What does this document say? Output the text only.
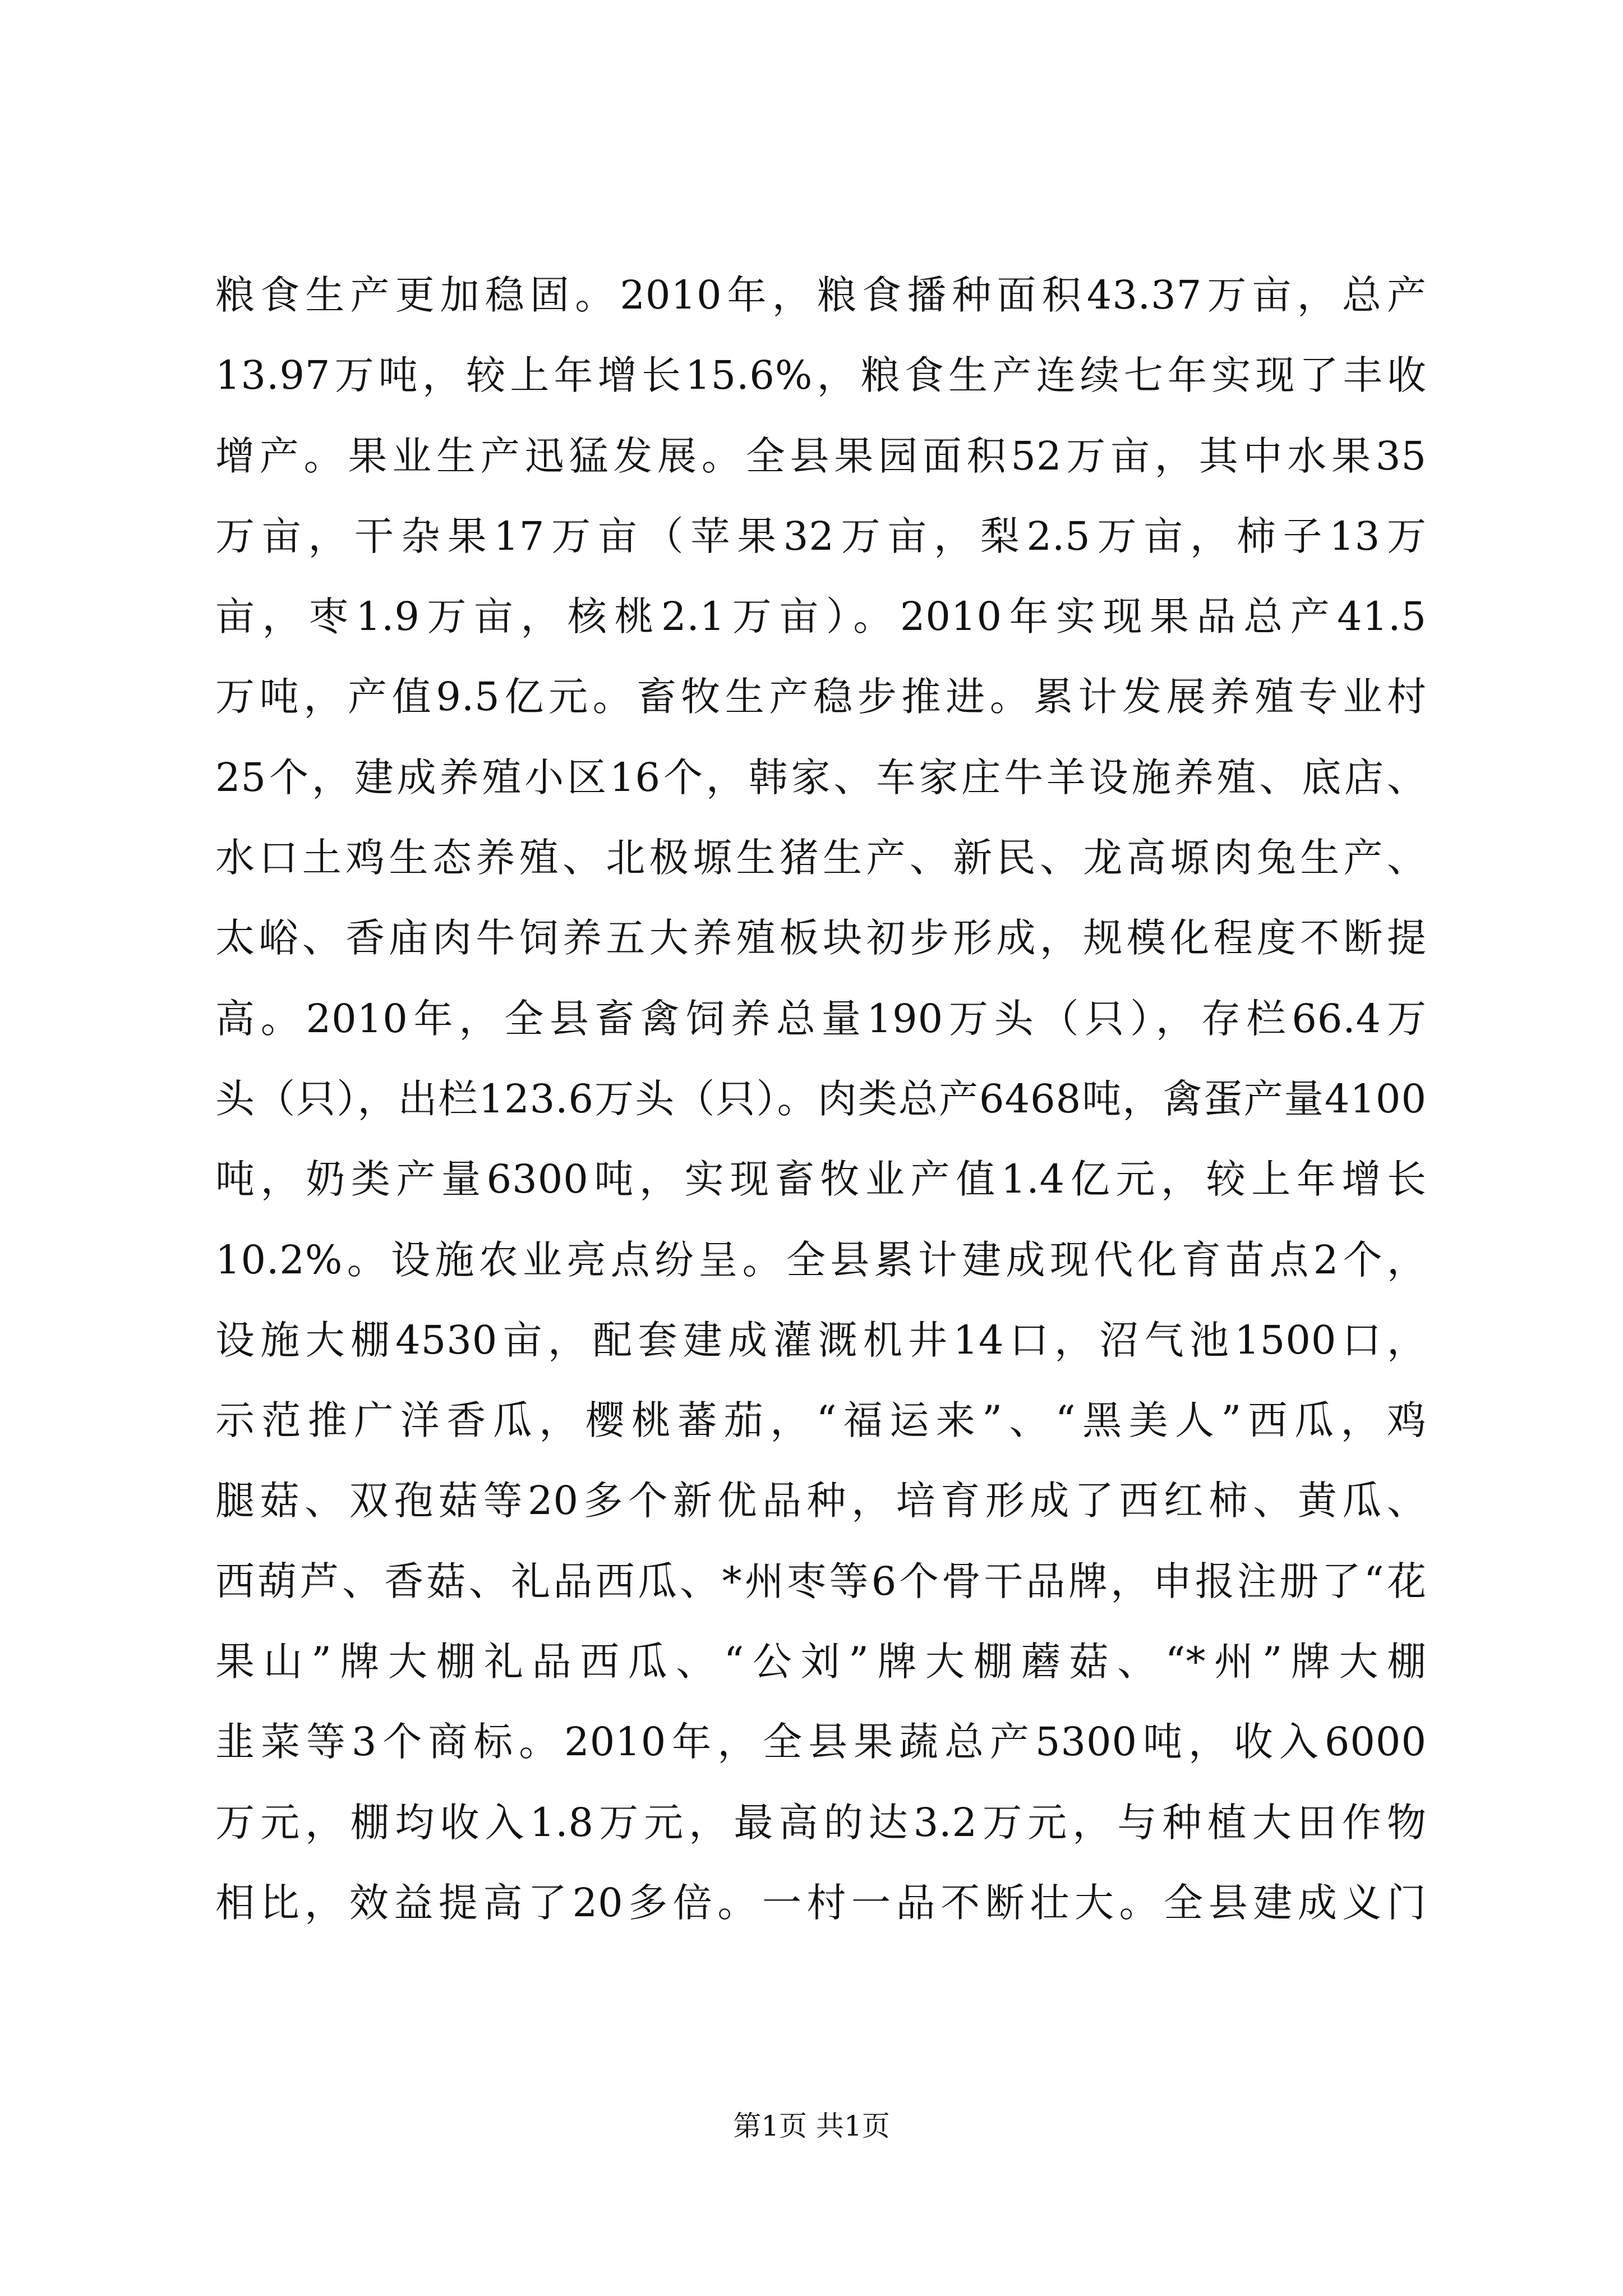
粮食生产更加稳固。2010年，粮食播种面积43.37万亩，总产
13.97万吨，较上年增长15.6%，粮食生产连续七年实现了丰收
增产。果业生产迅猛发展。全县果园面积52万亩，其中水果35
万亩，干杂果17万亩（苹果32万亩，梨2.5万亩，柿子13万
亩，枣1.9万亩，核桃2.1万亩）。2010年实现果品总产41.5
万吨，产值9.5亿元。畜牧生产稳步推进。累计发展养殖专业村
25个，建成养殖小区16个，韩家、车家庄牛羊设施养殖、底店、
水口土鸡生态养殖、北极塬生猪生产、新民、龙高塬肉兔生产、
太峪、香庙肉牛饲养五大养殖板块初步形成，规模化程度不断提
高。2010年，全县畜禽饲养总量190万头（只），存栏66.4万
头（只），出栏123.6万头（只）。肉类总产6468吨，禽蛋产量4100
吨，奶类产量6300吨，实现畜牧业产值1.4亿元，较上年增长
10.2%。设施农业亮点纷呈。全县累计建成现代化育苗点2个，
设施大棚4530亩，配套建成灌溉机井14口，沼气池1500口，
示范推广洋香瓜，樱桃蕃茄，“福运来”、“黑美人”西瓜，鸡
腿菇、双孢菇等20多个新优品种，培育形成了西红柿、黄瓜、
西葫芦、香菇、礼品西瓜、*州枣等6个骨干品牌，申报注册了“花
果山”牌大棚礼品西瓜、“公刘”牌大棚蘑菇、“*州”牌大棚
韭菜等3个商标。2010年，全县果蔬总产5300吨，收入6000
万元，棚均收入1.8万元，最高的达3.2万元，与种植大田作物
相比，效益提高了20多倍。一村一品不断壮大。全县建成义门
第1页 共1页
